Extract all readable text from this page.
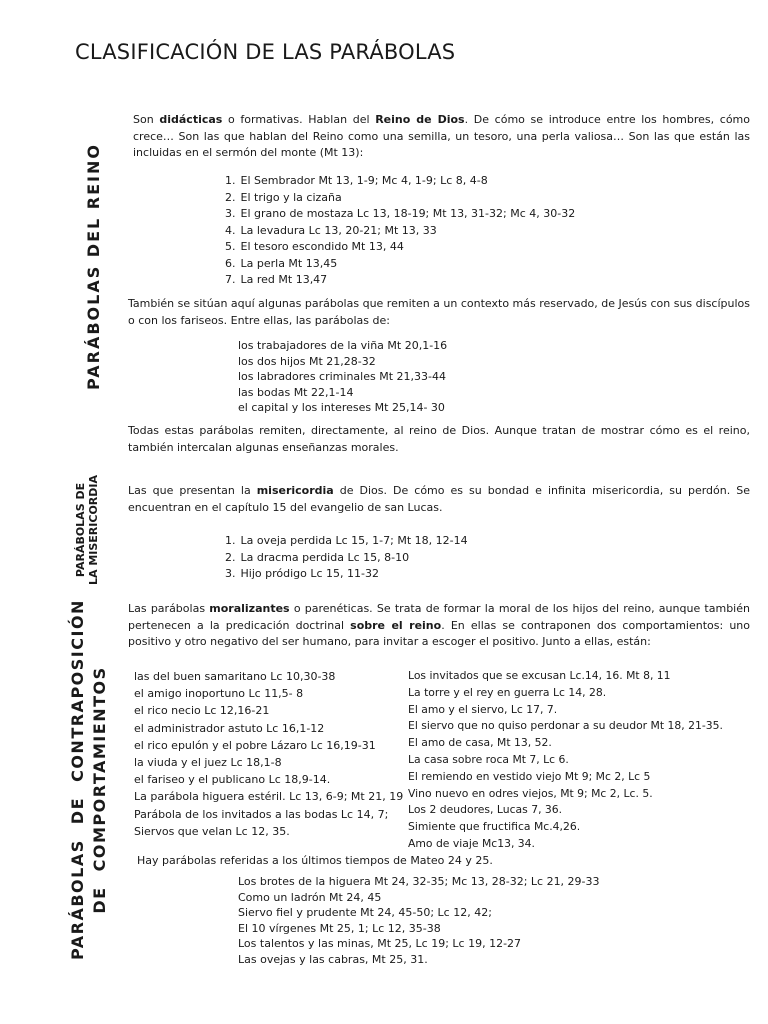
CLASIFICACIÓN DE LAS PARÁBOLAS
PARÁBOLAS DEL REINO
PARÁBOLAS DE LA MISERICORDIA
PARÁBOLAS DE CONTRAPOSICIÓN DE COMPORTAMIENTOS
Son didácticas o formativas. Hablan del Reino de Dios. De cómo se introduce entre los hombres, cómo crece… Son las que hablan del Reino como una semilla, un tesoro, una perla valiosa… Son las que están las incluidas en el sermón del monte (Mt 13):
1. El Sembrador Mt 13, 1-9; Mc 4, 1-9; Lc 8, 4-8
2. El trigo y la cizaña
3. El grano de mostaza Lc 13, 18-19; Mt 13, 31-32; Mc 4, 30-32
4. La levadura Lc 13, 20-21; Mt 13, 33
5. El tesoro escondido Mt 13, 44
6. La perla Mt 13,45
7. La red Mt 13,47
También se sitúan aquí algunas parábolas que remiten a un contexto más reservado, de Jesús con sus discípulos o con los fariseos. Entre ellas, las parábolas de:
los trabajadores de la viña Mt 20,1-16
los dos hijos Mt 21,28-32
los labradores criminales Mt 21,33-44
las bodas Mt 22,1-14
el capital y los intereses Mt 25,14- 30
Todas estas parábolas remiten, directamente, al reino de Dios. Aunque tratan de mostrar cómo es el reino, también intercalan algunas enseñanzas morales.
Las que presentan la misericordia de Dios. De cómo es su bondad e infinita misericordia, su perdón. Se encuentran en el capítulo 15 del evangelio de san Lucas.
1. La oveja perdida Lc 15, 1-7; Mt 18, 12-14
2. La dracma perdida Lc 15, 8-10
3. Hijo pródigo Lc 15, 11-32
Las parábolas moralizantes o parenéticas. Se trata de formar la moral de los hijos del reino, aunque también pertenecen a la predicación doctrinal sobre el reino. En ellas se contraponen dos comportamientos: uno positivo y otro negativo del ser humano, para invitar a escoger el positivo. Junto a ellas, están:
las del buen samaritano Lc 10,30-38
el amigo inoportuno Lc 11,5- 8
el rico necio Lc 12,16-21
el administrador astuto Lc 16,1-12
el rico epulón y el pobre Lázaro Lc 16,19-31
la viuda y el juez Lc 18,1-8
el fariseo y el publicano Lc 18,9-14.
La parábola higuera estéril. Lc 13, 6-9; Mt 21, 19
Parábola de los invitados a las bodas Lc 14, 7;
Siervos que velan Lc 12, 35.
Los invitados que se excusan Lc.14, 16. Mt 8, 11
La torre y el rey en guerra Lc 14, 28.
El amo y el siervo, Lc 17, 7.
El siervo que no quiso perdonar a su deudor Mt 18, 21-35.
El amo de casa, Mt 13, 52.
La casa sobre roca Mt 7, Lc 6.
El remiendo en vestido viejo Mt 9; Mc 2, Lc 5
Vino nuevo en odres viejos, Mt 9; Mc 2, Lc. 5.
Los 2 deudores, Lucas 7, 36.
Simiente que fructifica Mc.4,26.
Amo de viaje Mc13, 34.
Hay parábolas referidas a los últimos tiempos de Mateo 24 y 25.
Los brotes de la higuera Mt 24, 32-35; Mc 13, 28-32; Lc 21, 29-33
Como un ladrón Mt 24, 45
Siervo fiel y prudente Mt 24, 45-50; Lc 12, 42;
El 10 vírgenes Mt 25, 1; Lc 12, 35-38
Los talentos y las minas, Mt 25, Lc 19; Lc 19, 12-27
Las ovejas y las cabras, Mt 25, 31.
